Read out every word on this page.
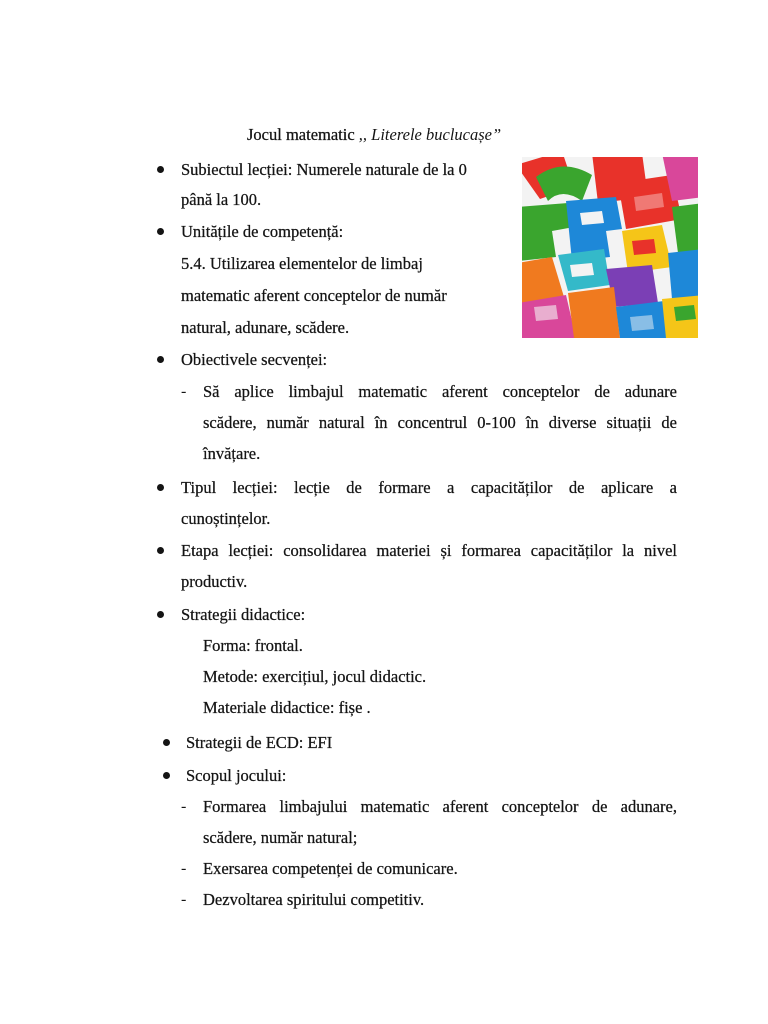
Jocul matematic ,, Literele buclucașe”
Subiectul lecției: Numerele naturale de la 0
până la 100.
Unitățile de competență:
5.4. Utilizarea elementelor de limbaj
matematic aferent conceptelor de număr
natural, adunare, scădere.
Obiectivele secvenței:
- Să aplice limbajul matematic aferent conceptelor de adunare
scădere, număr natural în concentrul 0-100 în diverse situații de
învățare.
Tipul lecției: lecție de formare a capacităților de aplicare a
cunoștințelor.
Etapa lecției: consolidarea materiei și formarea capacităților la nivel
productiv.
Strategii didactice:
Forma: frontal.
Metode: exercițiul, jocul didactic.
Materiale didactice: fișe .
Strategii de ECD: EFI
Scopul jocului:
- Formarea limbajului matematic aferent conceptelor de adunare,
scădere, număr natural;
- Exersarea competenței de comunicare.
- Dezvoltarea spiritului competitiv.
